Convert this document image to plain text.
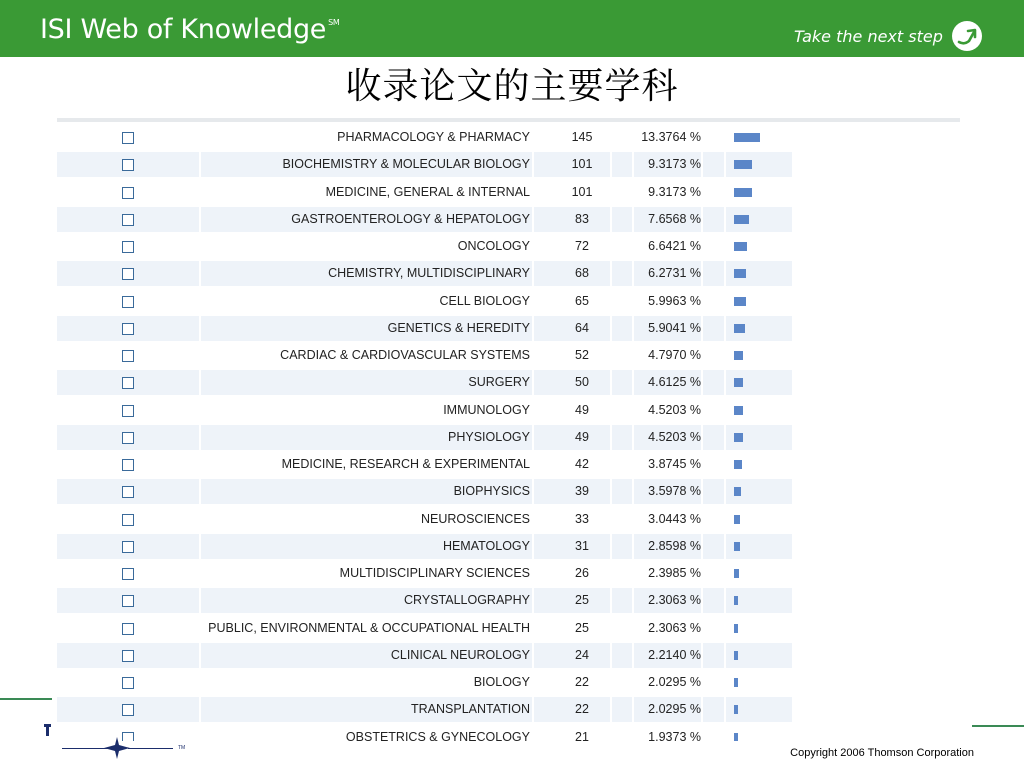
ISI Web of Knowledge ℠
Take the next step
收录论文的主要学科
PHARMACOLOGY & PHARMACY	145	13.3764 %
BIOCHEMISTRY & MOLECULAR BIOLOGY	101	9.3173 %
MEDICINE, GENERAL & INTERNAL	101	9.3173 %
GASTROENTEROLOGY & HEPATOLOGY	83	7.6568 %
ONCOLOGY	72	6.6421 %
CHEMISTRY, MULTIDISCIPLINARY	68	6.2731 %
CELL BIOLOGY	65	5.9963 %
GENETICS & HEREDITY	64	5.9041 %
CARDIAC & CARDIOVASCULAR SYSTEMS	52	4.7970 %
SURGERY	50	4.6125 %
IMMUNOLOGY	49	4.5203 %
PHYSIOLOGY	49	4.5203 %
MEDICINE, RESEARCH & EXPERIMENTAL	42	3.8745 %
BIOPHYSICS	39	3.5978 %
NEUROSCIENCES	33	3.0443 %
HEMATOLOGY	31	2.8598 %
MULTIDISCIPLINARY SCIENCES	26	2.3985 %
CRYSTALLOGRAPHY	25	2.3063 %
PUBLIC, ENVIRONMENTAL & OCCUPATIONAL HEALTH	25	2.3063 %
CLINICAL NEUROLOGY	24	2.2140 %
BIOLOGY	22	2.0295 %
TRANSPLANTATION	22	2.0295 %
OBSTETRICS & GYNECOLOGY	21	1.9373 %
TM	Copyright 2006 Thomson Corporation
